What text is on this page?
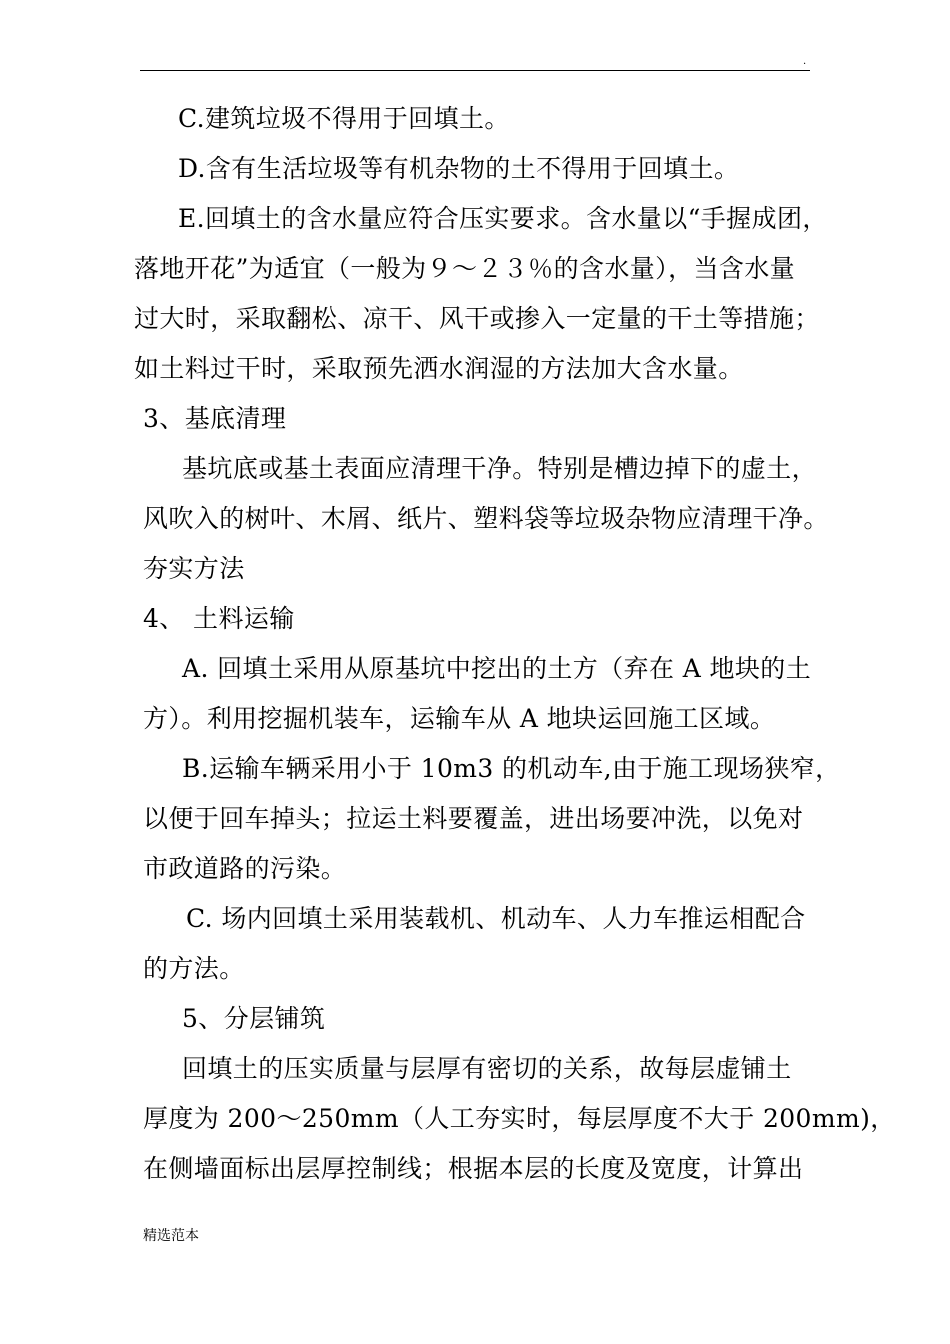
.
C.建筑垃圾不得用于回填土。
D.含有生活垃圾等有机杂物的土不得用于回填土。
E.回填土的含水量应符合压实要求。含水量以“手握成团，
落地开花”为适宜（一般为９～２３％的含水量），当含水量
过大时，采取翻松、凉干、风干或掺入一定量的干土等措施；
如土料过干时，采取预先洒水润湿的方法加大含水量。
3、基底清理
基坑底或基土表面应清理干净。特别是槽边掉下的虚土，
风吹入的树叶、木屑、纸片、塑料袋等垃圾杂物应清理干净。
夯实方法
4、 土料运输
A. 回填土采用从原基坑中挖出的土方（弃在 A 地块的土
方）。利用挖掘机装车，运输车从 A 地块运回施工区域。
B.运输车辆采用小于 10m3 的机动车,由于施工现场狭窄，
以便于回车掉头；拉运土料要覆盖，进出场要冲洗，以免对
市政道路的污染。
C. 场内回填土采用装载机、机动车、人力车推运相配合
的方法。
5、分层铺筑
回填土的压实质量与层厚有密切的关系，故每层虚铺土
厚度为 200～250mm（人工夯实时，每层厚度不大于 200mm)，
在侧墙面标出层厚控制线；根据本层的长度及宽度，计算出
精选范本
